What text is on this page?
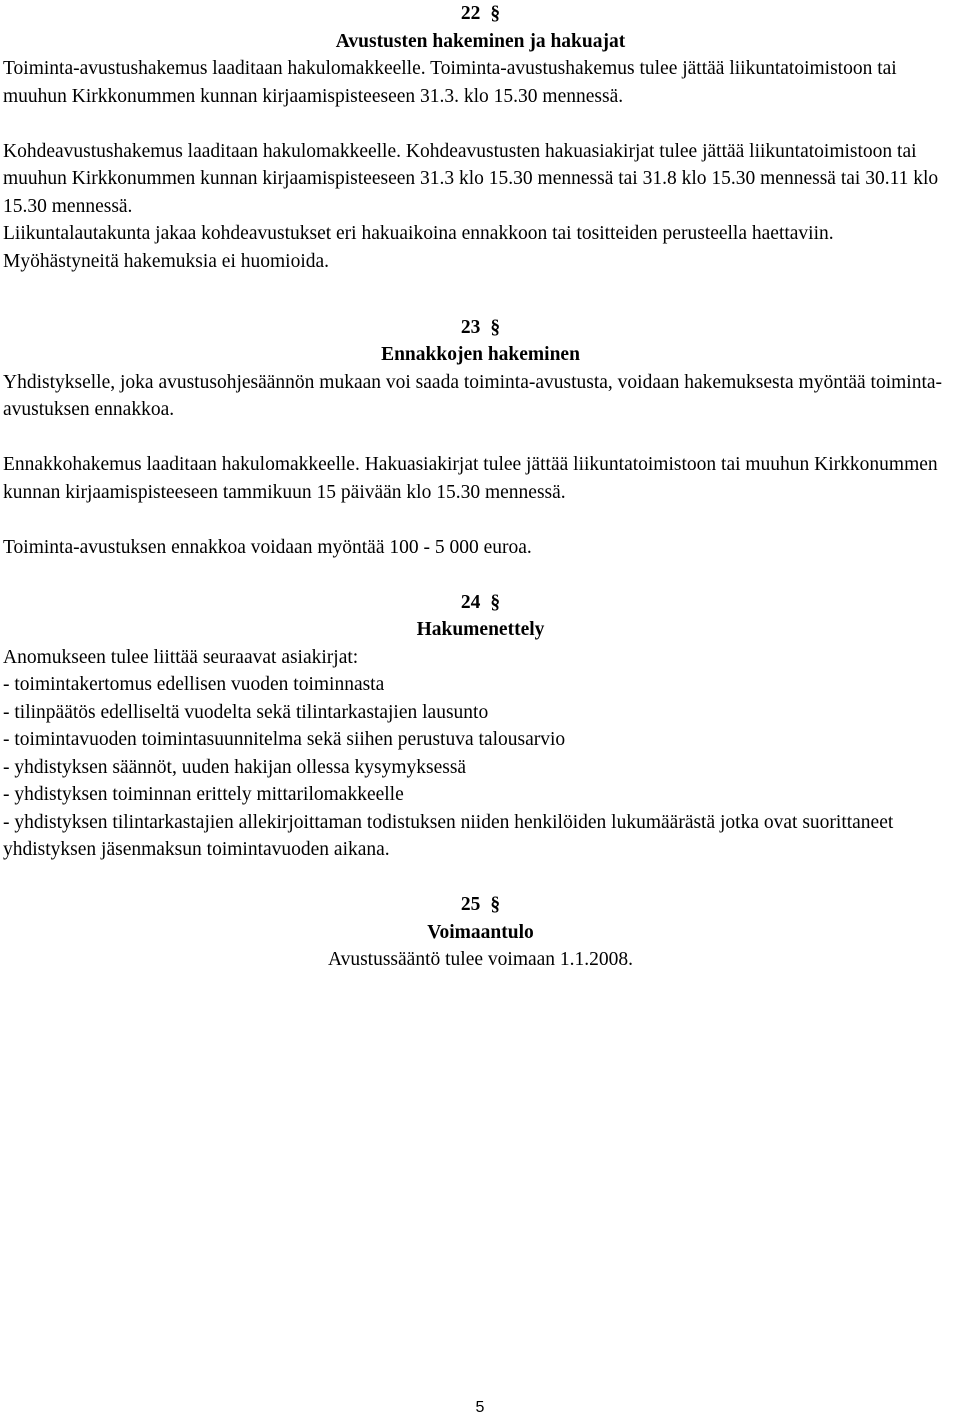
22 §
Avustusten hakeminen ja hakuajat

Toiminta-avustushakemus laaditaan hakulomakkeelle. Toiminta-avustushakemus tulee jättää liikuntatoimistoon tai muuhun Kirkkonummen kunnan kirjaamispisteeseen 31.3. klo 15.30 mennessä.

Kohdeavustushakemus laaditaan hakulomakkeelle. Kohdeavustusten hakuasiakirjat tulee jättää liikuntatoimistoon tai muuhun Kirkkonummen kunnan kirjaamispisteeseen 31.3 klo 15.30 mennessä tai 31.8 klo 15.30 mennessä tai 30.11 klo 15.30 mennessä.

Liikuntalautakunta jakaa kohdeavustukset eri hakuaikoina ennakkoon tai tositteiden perusteella haettaviin.

Myöhästyneitä hakemuksia ei huomioida.

23 §
Ennakkojen hakeminen

Yhdistykselle, joka avustusohjesäännön mukaan voi saada toiminta-avustusta, voidaan hakemuksesta myöntää toiminta-avustuksen ennakkoa.

Ennakkohakemus laaditaan hakulomakkeelle. Hakuasiakirjat tulee jättää liikuntatoimistoon tai muuhun Kirkkonummen kunnan kirjaamispisteeseen tammikuun 15 päivään klo 15.30 mennessä.

Toiminta-avustuksen ennakkoa voidaan myöntää 100 - 5 000 euroa.

24 §
Hakumenettely

Anomukseen tulee liittää seuraavat asiakirjat:

- toimintakertomus edellisen vuoden toiminnasta

- tilinpäätös edelliseltä vuodelta sekä tilintarkastajien lausunto

- toimintavuoden toimintasuunnitelma sekä siihen perustuva talousarvio

- yhdistyksen säännöt, uuden hakijan ollessa kysymyksessä

- yhdistyksen toiminnan erittely mittarilomakkeelle

- yhdistyksen tilintarkastajien allekirjoittaman todistuksen niiden henkilöiden lukumäärästä jotka ovat suorittaneet yhdistyksen jäsenmaksun toimintavuoden aikana.

25 §
Voimaantulo

Avustussääntö tulee voimaan 1.1.2008.

5
